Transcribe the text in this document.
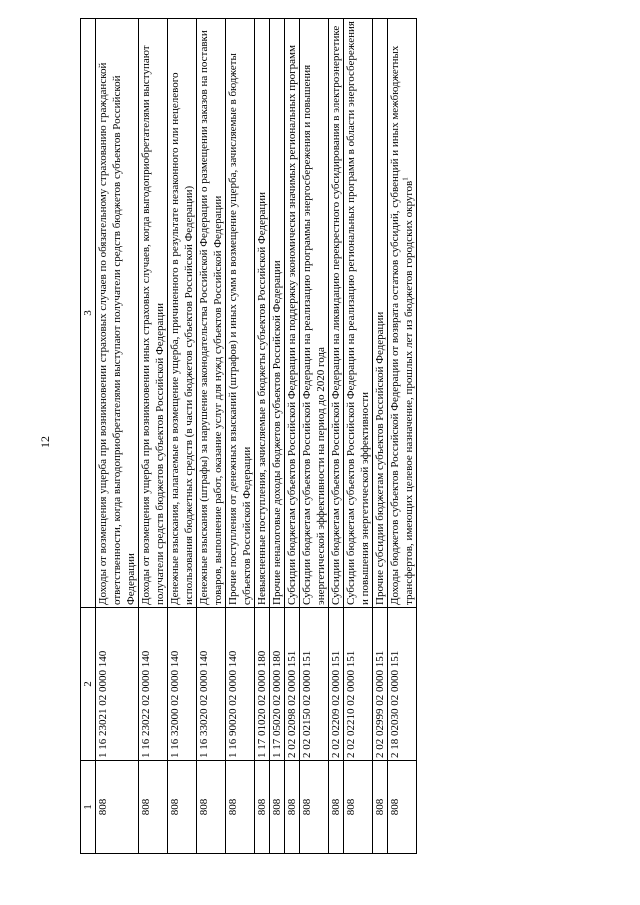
12
1	2	3
808	1 16 23021 02 0000 140	Доходы от возмещения ущерба при возникновении страховых случаев по обязательному страхованию гражданской ответственности, когда выгодоприобретателями выступают получатели средств бюджетов субъектов Российской Федерации
808	1 16 23022 02 0000 140	Доходы от возмещения ущерба при возникновении иных страховых случаев, когда выгодоприобретателями выступают получатели средств бюджетов субъектов Российской Федерации
808	1 16 32000 02 0000 140	Денежные взыскания, налагаемые в возмещение ущерба, причиненного в результате незаконного или нецелевого использования бюджетных средств (в части бюджетов субъектов Российской Федерации)
808	1 16 33020 02 0000 140	Денежные взыскания (штрафы) за нарушение законодательства Российской Федерации о размещении заказов на поставки товаров, выполнение работ, оказание услуг для нужд субъектов Российской Федерации
808	1 16 90020 02 0000 140	Прочие поступления от денежных взысканий (штрафов) и иных сумм в возмещение ущерба, зачисляемые в бюджеты субъектов Российской Федерации
808	1 17 01020 02 0000 180	Невыясненные поступления, зачисляемые в бюджеты субъектов Российской Федерации
808	1 17 05020 02 0000 180	Прочие неналоговые доходы бюджетов субъектов Российской Федерации
808	2 02 02098 02 0000 151	Субсидии бюджетам субъектов Российской Федерации на поддержку экономически значимых региональных программ
808	2 02 02150 02 0000 151	Субсидии бюджетам субъектов Российской Федерации на реализацию программы энергосбережения и повышения энергетической эффективности на период до 2020 года
808	2 02 02209 02 0000 151	Субсидии бюджетам субъектов Российской Федерации на ликвидацию перекрестного субсидирования в электроэнергетике
808	2 02 02210 02 0000 151	Субсидии бюджетам субъектов Российской Федерации на реализацию региональных программ в области энергосбережения и повышения энергетической эффективности
808	2 02 02999 02 0000 151	Прочие субсидии бюджетам субъектов Российской Федерации
808	2 18 02030 02 0000 151	Доходы бюджетов субъектов Российской Федерации от возврата остатков субсидий, субвенций и иных межбюджетных трансфертов, имеющих целевое назначение, прошлых лет из бюджетов городских округов$^1$
